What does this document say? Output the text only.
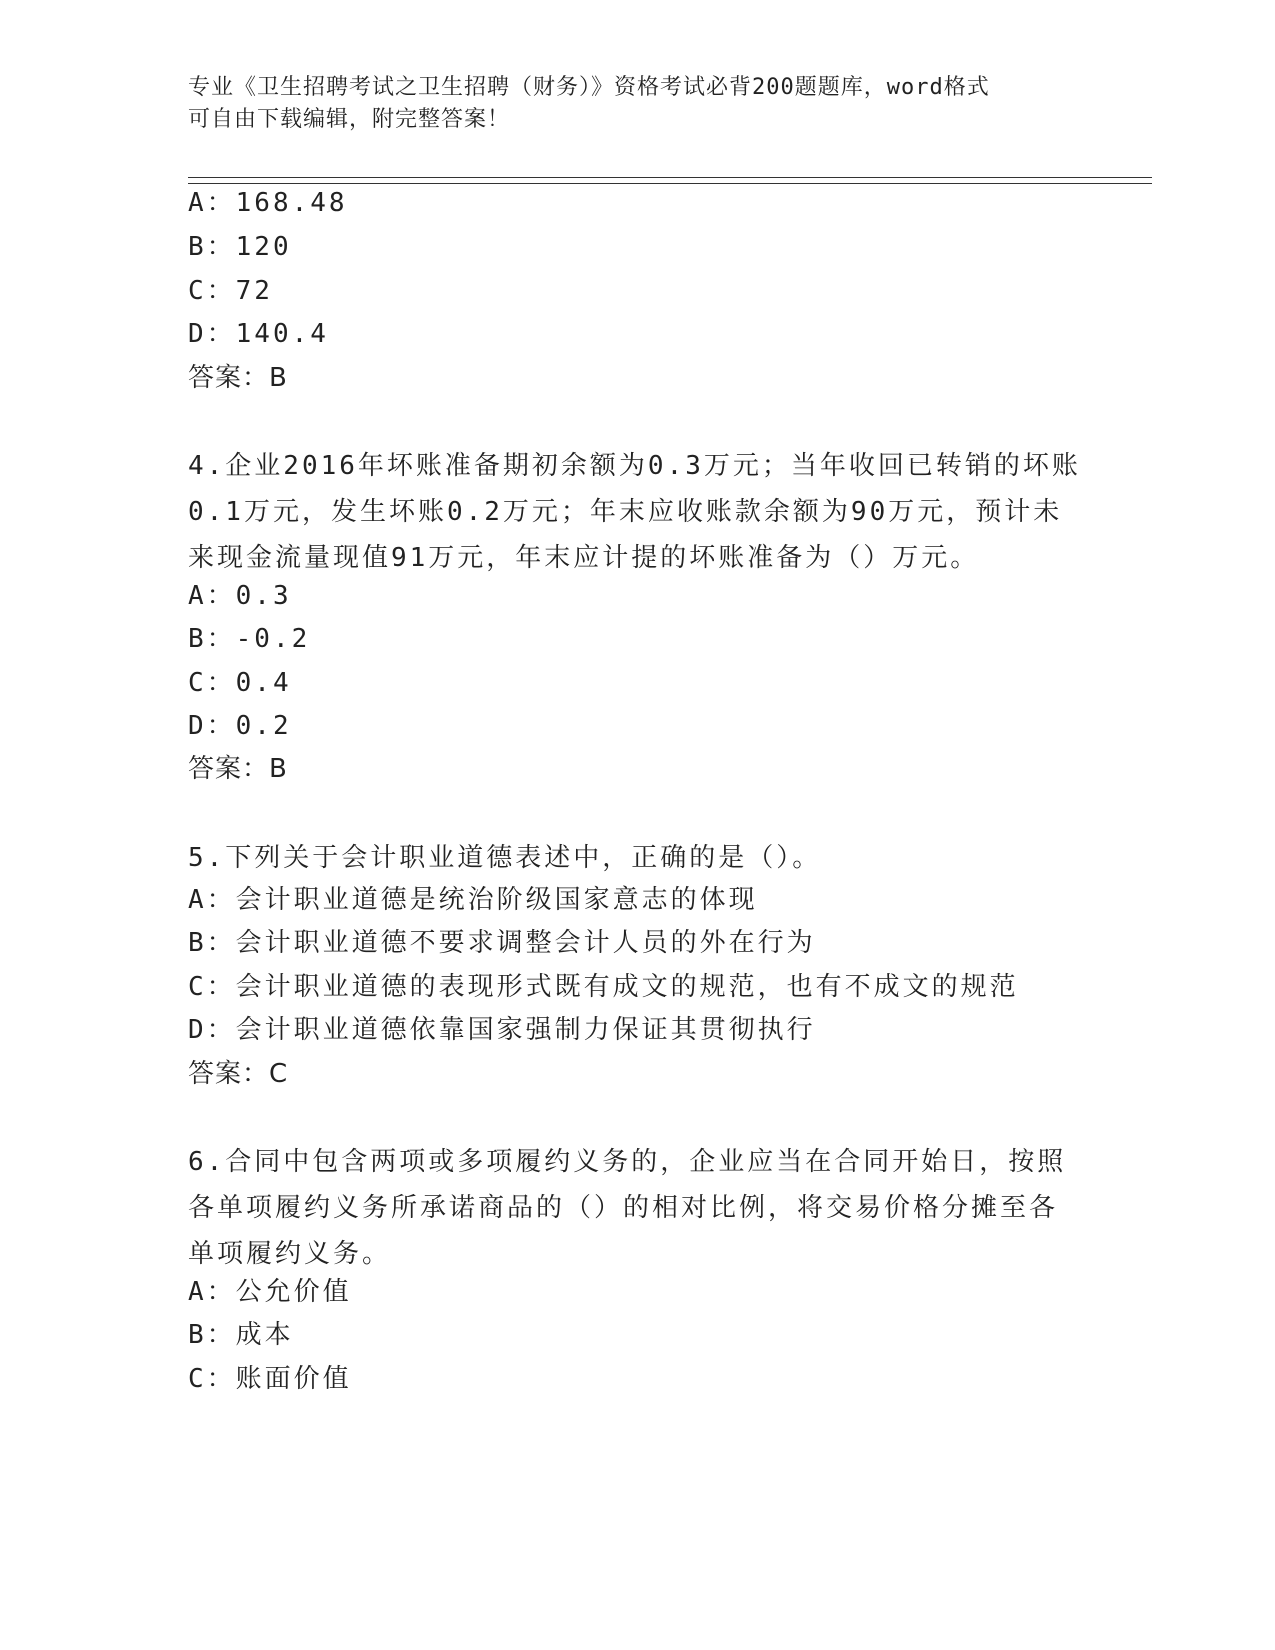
专业《卫生招聘考试之卫生招聘（财务）》资格考试必背200题题库，word格式
可自由下载编辑，附完整答案！
A：168.48
B：120
C：72
D：140.4
答案：B
4.企业2016年坏账准备期初余额为0.3万元；当年收回已转销的坏账
0.1万元，发生坏账0.2万元；年末应收账款余额为90万元，预计未
来现金流量现值91万元，年末应计提的坏账准备为（）万元。
A：0.3
B：-0.2
C：0.4
D：0.2
答案：B
5.下列关于会计职业道德表述中，正确的是（）。
A：会计职业道德是统治阶级国家意志的体现
B：会计职业道德不要求调整会计人员的外在行为
C：会计职业道德的表现形式既有成文的规范，也有不成文的规范
D：会计职业道德依靠国家强制力保证其贯彻执行
答案：C
6.合同中包含两项或多项履约义务的，企业应当在合同开始日，按照
各单项履约义务所承诺商品的（）的相对比例，将交易价格分摊至各
单项履约义务。
A：公允价值
B：成本
C：账面价值
